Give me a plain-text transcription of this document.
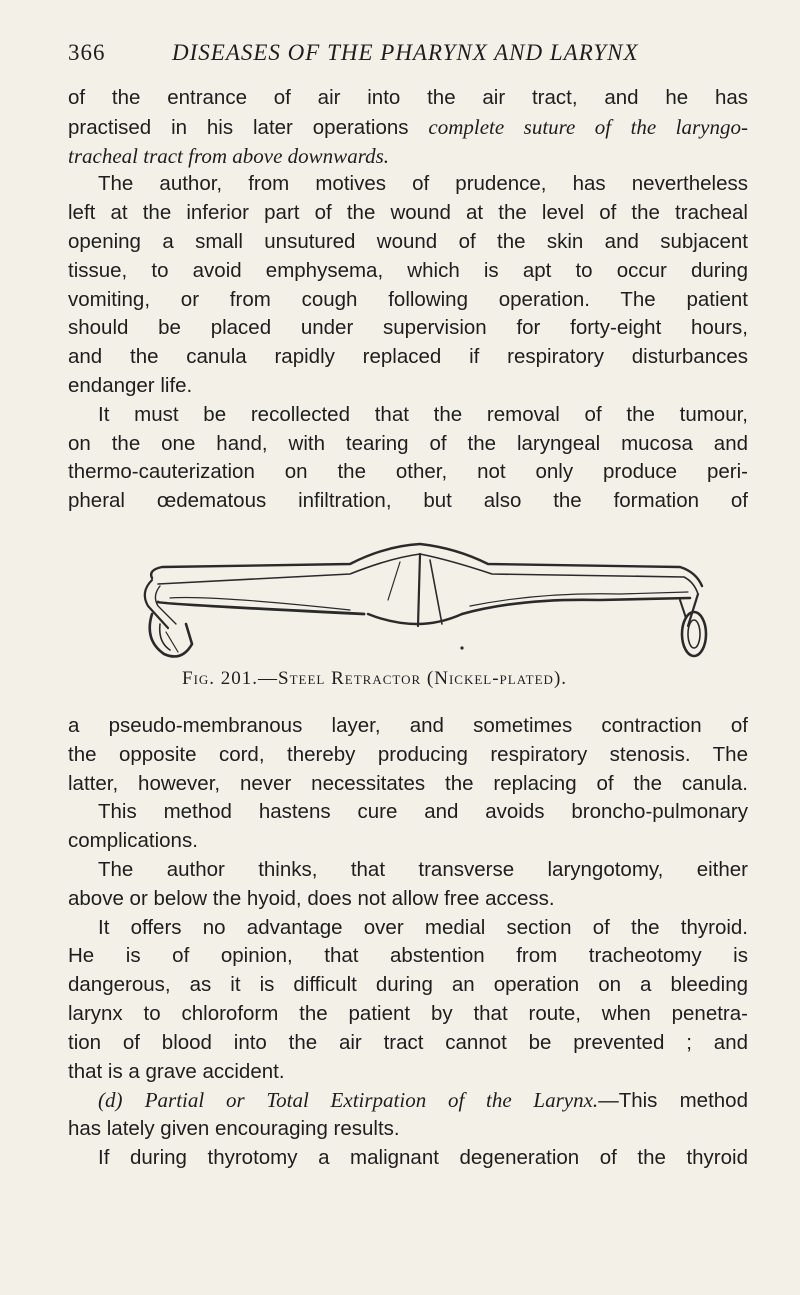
366	DISEASES OF THE PHARYNX AND LARYNX
of the entrance of air into the air tract, and he has
practised in his later operations complete suture of the laryngo-
tracheal tract from above downwards.
The author, from motives of prudence, has nevertheless
left at the inferior part of the wound at the level of the tracheal
opening a small unsutured wound of the skin and subjacent
tissue, to avoid emphysema, which is apt to occur during
vomiting, or from cough following operation. The patient
should be placed under supervision for forty-eight hours,
and the canula rapidly replaced if respiratory disturbances
endanger life.
It must be recollected that the removal of the tumour,
on the one hand, with tearing of the laryngeal mucosa and
thermo-cauterization on the other, not only produce peri-
pheral œdematous infiltration, but also the formation of
Fig. 201.—Steel Retractor (Nickel-plated).
a pseudo-membranous layer, and sometimes contraction of
the opposite cord, thereby producing respiratory stenosis. The
latter, however, never necessitates the replacing of the canula.
This method hastens cure and avoids broncho-pulmonary
complications.
The author thinks, that transverse laryngotomy, either
above or below the hyoid, does not allow free access.
It offers no advantage over medial section of the thyroid.
He is of opinion, that abstention from tracheotomy is
dangerous, as it is difficult during an operation on a bleeding
larynx to chloroform the patient by that route, when penetra-
tion of blood into the air tract cannot be prevented ; and
that is a grave accident.
(d) Partial or Total Extirpation of the Larynx.—This method
has lately given encouraging results.
If during thyrotomy a malignant degeneration of the thyroid
